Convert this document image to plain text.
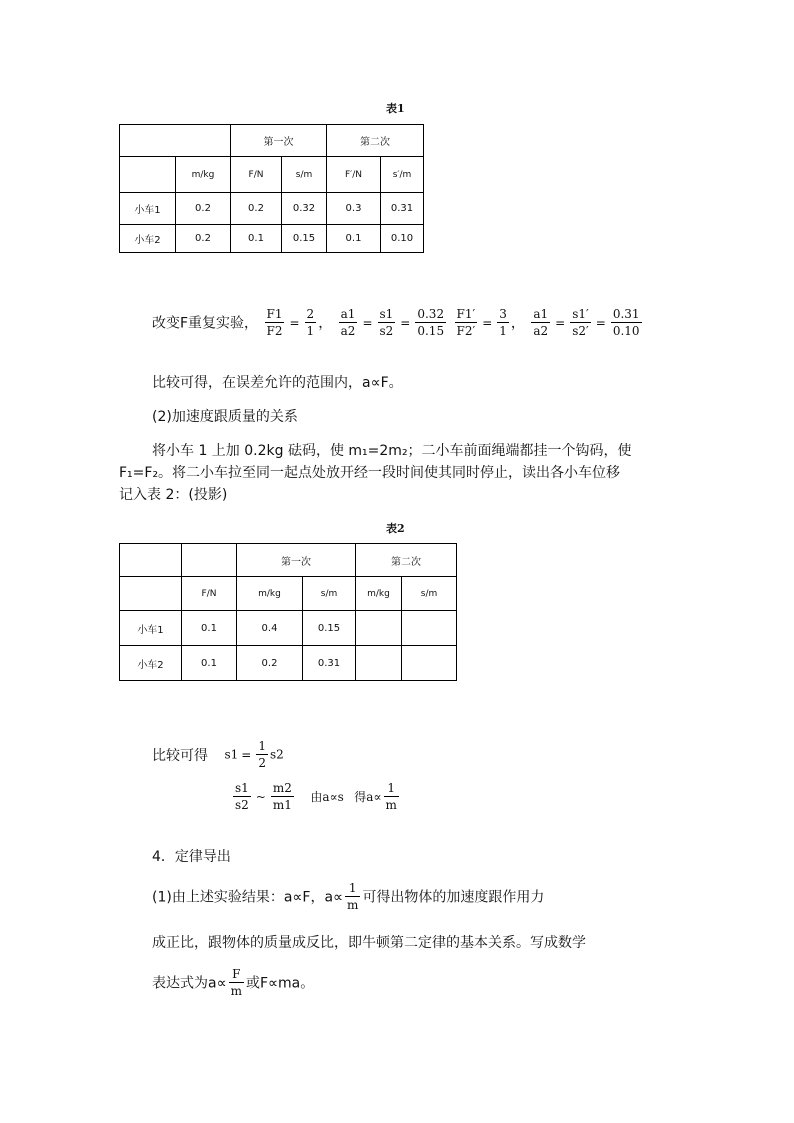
表1
		第一次		第二次	
	m/kg	F/N	s/m	F′/N	s′/m
小车1	0.2	0.2	0.32	0.3	0.31
小车2	0.2	0.1	0.15	0.1	0.10
改变F重复实验， $\frac{F1}{F2} = \frac{2}{1}$ ， $\frac{a1}{a2} = \frac{s1}{s2} = \frac{0.32}{0.15}$
$\frac{F1'}{F2'} = \frac{3}{1}$ ， $\frac{a1}{a2} = \frac{s1'}{s2'} = \frac{0.31}{0.10}$
比较可得，在误差允许的范围内，a∝F。
(2)加速度跟质量的关系
将小车 1 上加 0.2kg 砝码，使 m₁=2m₂；二小车前面绳端都挂一个钩码，使
F₁=F₂。将二小车拉至同一起点处放开经一段时间使其同时停止，读出各小车位移
记入表 2：(投影)
表2
		第一次		第二次	
	F/N	m/kg	s/m	m/kg	s/m
小车1	0.1	0.4	0.15		
小车2	0.1	0.2	0.31		
比较可得 $s1 = \frac{1}{2} s2$
$\frac{s1}{s2}$ ~ $\frac{m2}{m1}$ 由a∝s 得$a\propto \frac{1}{m}$
4．定律导出
(1)由上述实验结果：a∝F，$a\propto \frac{1}{m}$ 可得出物体的加速度跟作用力
成正比，跟物体的质量成反比，即牛顿第二定律的基本关系。写成数学
表达式为$a\propto \frac{F}{m}$ 或F∝ma。
